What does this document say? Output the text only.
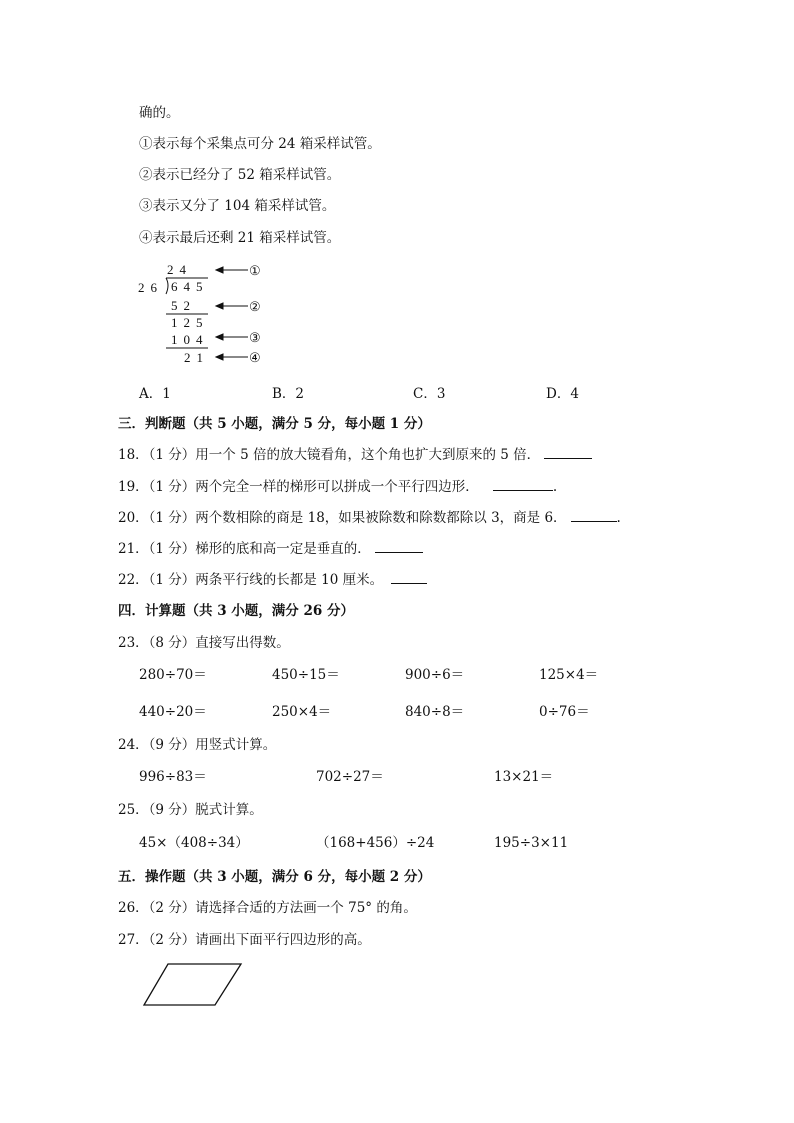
确的。
①表示每个采集点可分 24 箱采样试管。
②表示已经分了 52 箱采样试管。
③表示又分了 104 箱采样试管。
④表示最后还剩 21 箱采样试管。
24
26 645
52
125
104
21
①
②
③
④
A．1	B．2	C．3	D．4
三．判断题（共 5 小题，满分 5 分，每小题 1 分）
18．（1 分）用一个 5 倍的放大镜看角，这个角也扩大到原来的 5 倍．
19．（1 分）两个完全一样的梯形可以拼成一个平行四边形．	.
20．（1 分）两个数相除的商是 18，如果被除数和除数都除以 3，商是 6．	.
21．（1 分）梯形的底和高一定是垂直的．
22．（1 分）两条平行线的长都是 10 厘米。
四．计算题（共 3 小题，满分 26 分）
23．（8 分）直接写出得数。
280÷70＝	450÷15＝	900÷6＝	125×4＝
440÷20＝	250×4＝	840÷8＝	0÷76＝
24．（9 分）用竖式计算。
996÷83＝	702÷27＝	13×21＝
25．（9 分）脱式计算。
45×（408÷34）	（168+456）÷24	195÷3×11
五．操作题（共 3 小题，满分 6 分，每小题 2 分）
26．（2 分）请选择合适的方法画一个 75° 的角。
27．（2 分）请画出下面平行四边形的高。
